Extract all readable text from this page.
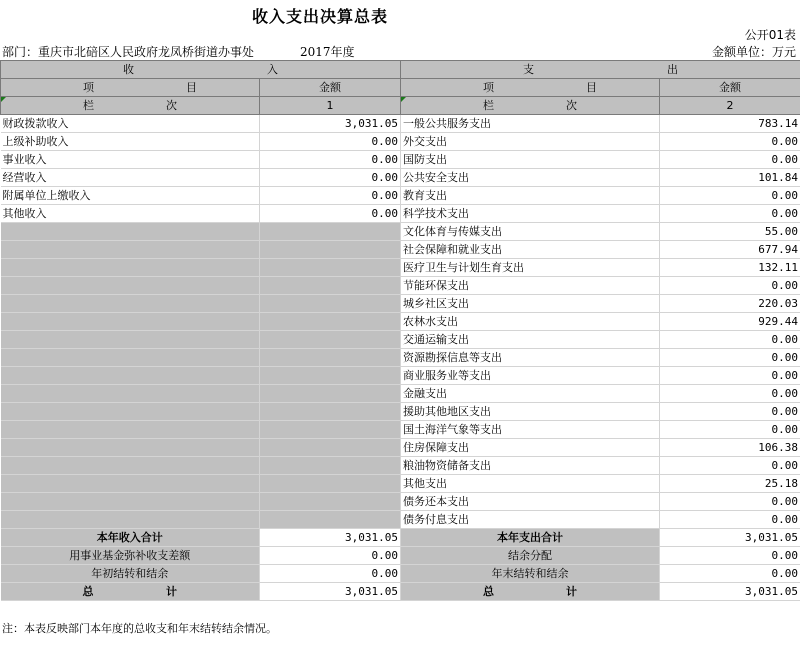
收入支出决算总表
公开01表
部门：重庆市北碚区人民政府龙凤桥街道办事处	2017年度	金额单位：万元
收 入		支 出	

项 目	金额	项 目	金额

栏 次	1	栏 次	2
财政拨款收入	3,031.05	一般公共服务支出	783.14
上级补助收入	0.00	外交支出	0.00
事业收入	0.00	国防支出	0.00
经营收入	0.00	公共安全支出	101.84
附属单位上缴收入	0.00	教育支出	0.00
其他收入	0.00	科学技术支出	0.00
		文化体育与传媒支出	55.00
		社会保障和就业支出	677.94
		医疗卫生与计划生育支出	132.11
		节能环保支出	0.00
		城乡社区支出	220.03
		农林水支出	929.44
		交通运输支出	0.00
		资源勘探信息等支出	0.00
		商业服务业等支出	0.00
		金融支出	0.00
		援助其他地区支出	0.00
		国土海洋气象等支出	0.00
		住房保障支出	106.38
		粮油物资储备支出	0.00
		其他支出	25.18
		债务还本支出	0.00
		债务付息支出	0.00
本年收入合计	3,031.05	本年支出合计	3,031.05
用事业基金弥补收支差额	0.00	结余分配	0.00
年初结转和结余	0.00	年末结转和结余	0.00

总 计	3,031.05	总 计	3,031.05
注：本表反映部门本年度的总收支和年末结转结余情况。
